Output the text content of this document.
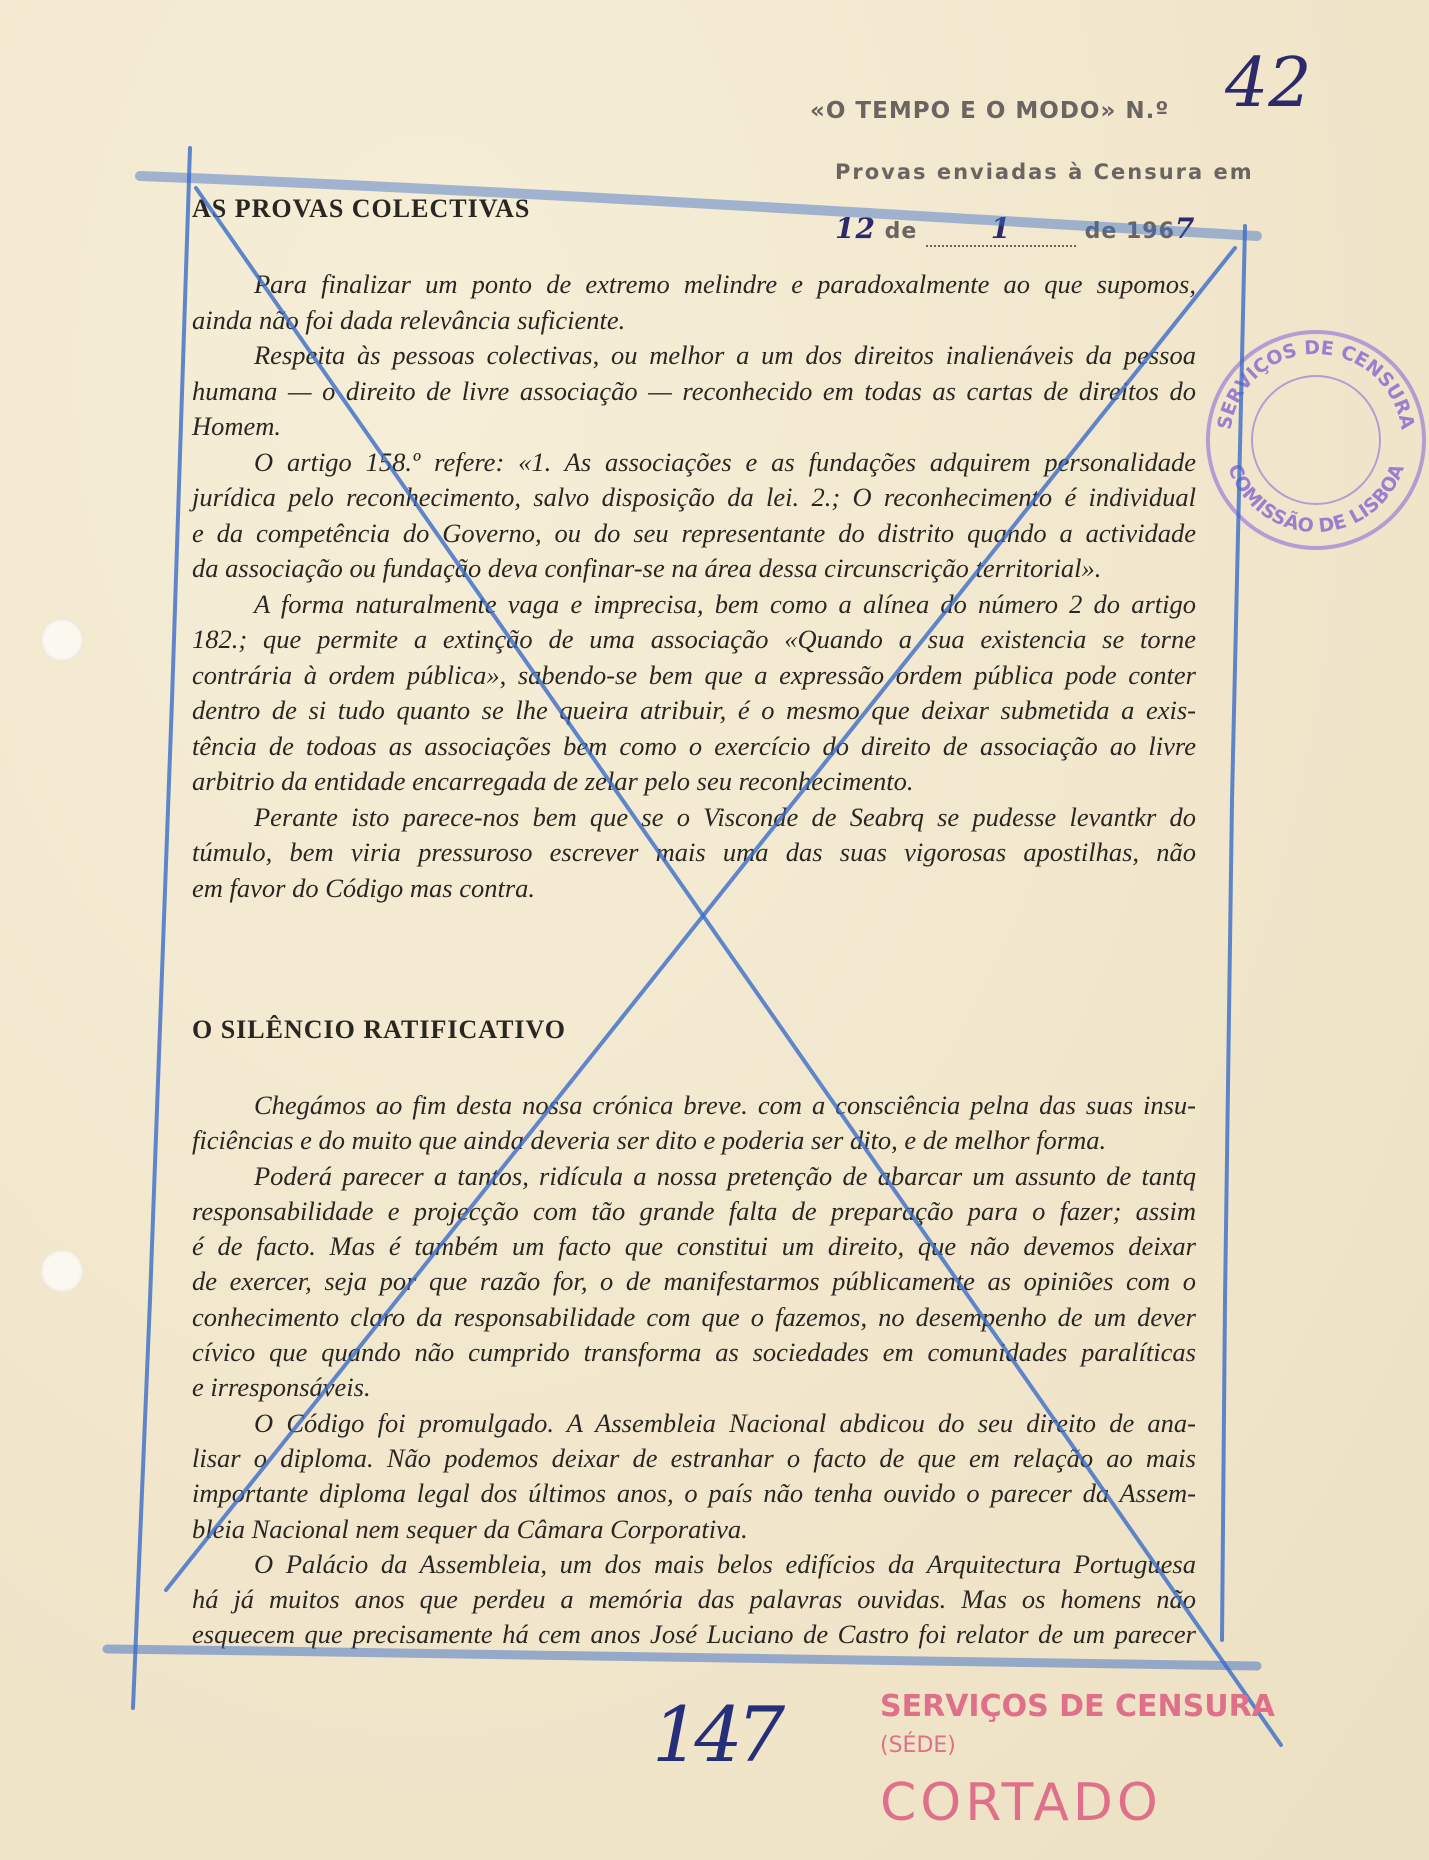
«O TEMPO E O MODO» N.º 42
Provas enviadas à Censura em
12 de	1	de 1967
AS PROVAS COLECTIVAS
O SILÊNCIO RATIFICATIVO
Para finalizar um ponto de extremo melindre e paradoxalmente ao que supomos,
ainda não foi dada relevância suficiente.
Respeita às pessoas colectivas, ou melhor a um dos direitos inalienáveis da pessoa
humana — o direito de livre associação — reconhecido em todas as cartas de direitos do
Homem.
O artigo 158.º refere: «1. As associações e as fundações adquirem personalidade
jurídica pelo reconhecimento, salvo disposição da lei. 2.; O reconhecimento é individual
e da competência do Governo, ou do seu representante do distrito quando a actividade
da associação ou fundação deva confinar-se na área dessa circunscrição territorial».
A forma naturalmente vaga e imprecisa, bem como a alínea do número 2 do artigo
182.; que permite a extinção de uma associação «Quando a sua existencia se torne
contrária à ordem pública», sabendo-se bem que a expressão ordem pública pode conter
dentro de si tudo quanto se lhe queira atribuir, é o mesmo que deixar submetida a exis-
tência de todoas as associações bem como o exercício do direito de associação ao livre
arbitrio da entidade encarregada de zelar pelo seu reconhecimento.
Perante isto parece-nos bem que se o Visconde de Seabrq se pudesse levantkr do
túmulo, bem viria pressuroso escrever mais uma das suas vigorosas apostilhas, não
em favor do Código mas contra.
Chegámos ao fim desta nossa crónica breve. com a consciência pelna das suas insu-
ficiências e do muito que ainda deveria ser dito e poderia ser dito, e de melhor forma.
Poderá parecer a tantos, ridícula a nossa pretenção de abarcar um assunto de tantq
responsabilidade e projecção com tão grande falta de preparação para o fazer; assim
é de facto. Mas é também um facto que constitui um direito, que não devemos deixar
de exercer, seja por que razão for, o de manifestarmos públicamente as opiniões com o
conhecimento claro da responsabilidade com que o fazemos, no desempenho de um dever
cívico que quando não cumprido transforma as sociedades em comunidades paralíticas
e irresponsáveis.
O Código foi promulgado. A Assembleia Nacional abdicou do seu direito de ana-
lisar o diploma. Não podemos deixar de estranhar o facto de que em relação ao mais
importante diploma legal dos últimos anos, o país não tenha ouvido o parecer da Assem-
bleia Nacional nem sequer da Câmara Corporativa.
O Palácio da Assembleia, um dos mais belos edifícios da Arquitectura Portuguesa
há já muitos anos que perdeu a memória das palavras ouvidas. Mas os homens não
esquecem que precisamente há cem anos José Luciano de Castro foi relator de um parecer
SERVIÇOS DE CENSURA
COMISSÃO DE LISBOA
SERVIÇOS DE CENSURA
(SÉDE)
CORTADO
147
